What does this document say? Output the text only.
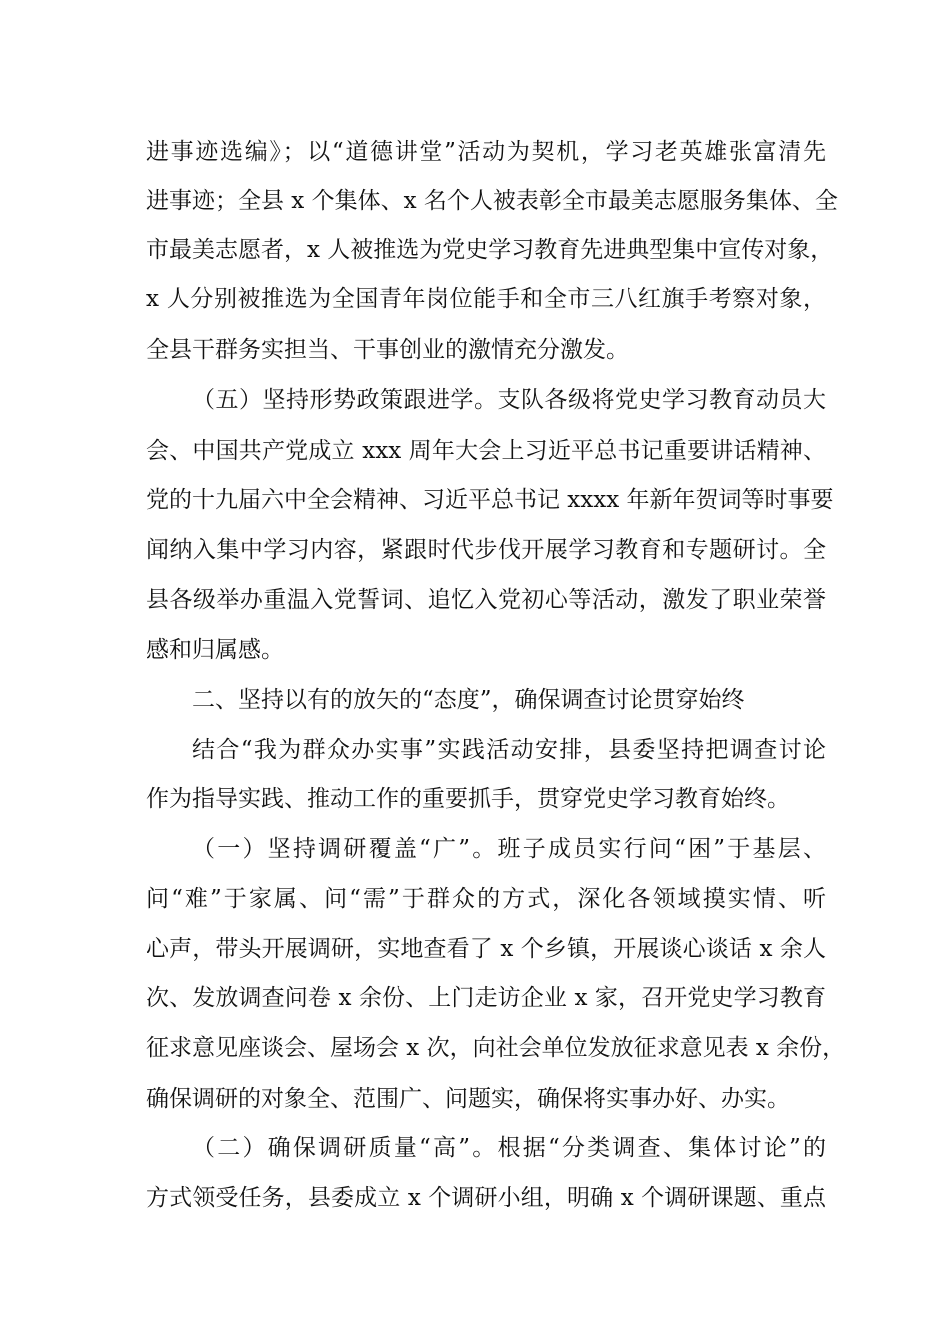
进事迹选编》；以“道德讲堂”活动为契机，学习老英雄张富清先
进事迹；全县 x 个集体、x 名个人被表彰全市最美志愿服务集体、全
市最美志愿者，x 人被推选为党史学习教育先进典型集中宣传对象，
x 人分别被推选为全国青年岗位能手和全市三八红旗手考察对象，
全县干群务实担当、干事创业的激情充分激发。
（五）坚持形势政策跟进学。支队各级将党史学习教育动员大
会、中国共产党成立 xxx 周年大会上习近平总书记重要讲话精神、
党的十九届六中全会精神、习近平总书记 xxxx 年新年贺词等时事要
闻纳入集中学习内容，紧跟时代步伐开展学习教育和专题研讨。全
县各级举办重温入党誓词、追忆入党初心等活动，激发了职业荣誉
感和归属感。
二、坚持以有的放矢的“态度”，确保调查讨论贯穿始终
结合“我为群众办实事”实践活动安排，县委坚持把调查讨论
作为指导实践、推动工作的重要抓手，贯穿党史学习教育始终。
（一）坚持调研覆盖“广”。班子成员实行问“困”于基层、
问“难”于家属、问“需”于群众的方式，深化各领域摸实情、听
心声，带头开展调研，实地查看了 x 个乡镇，开展谈心谈话 x 余人
次、发放调查问卷 x 余份、上门走访企业 x 家，召开党史学习教育
征求意见座谈会、屋场会 x 次，向社会单位发放征求意见表 x 余份，
确保调研的对象全、范围广、问题实，确保将实事办好、办实。
（二）确保调研质量“高”。根据“分类调查、集体讨论”的
方式领受任务，县委成立 x 个调研小组，明确 x 个调研课题、重点
